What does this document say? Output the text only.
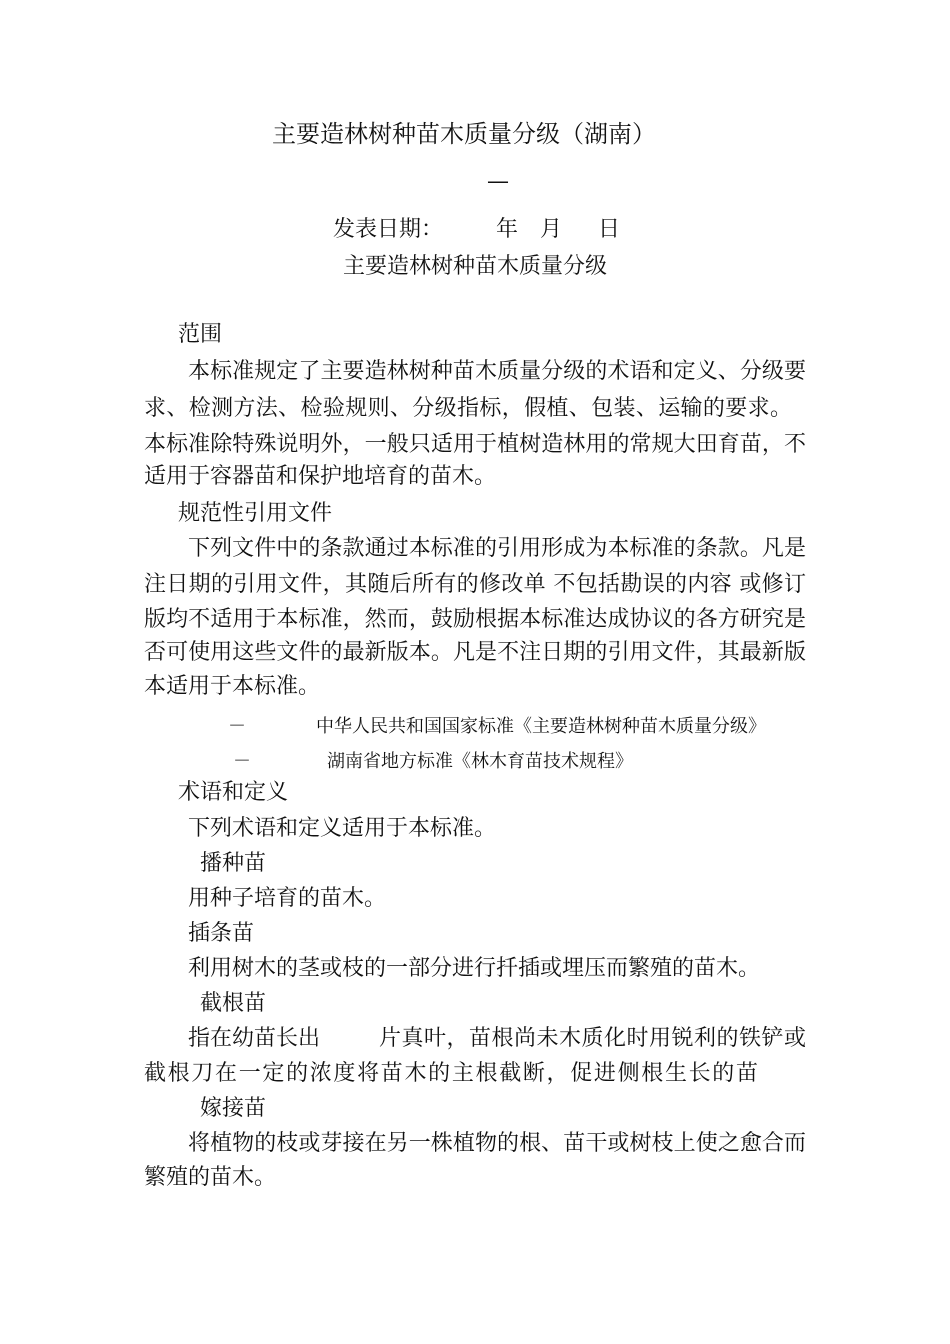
主要造林树种苗木质量分级（湖南）
—
发表日期： 年 月 日
主要造林树种苗木质量分级
范围
本标准规定了主要造林树种苗木质量分级的术语和定义、分级要
求、检测方法、检验规则、分级指标，假植、包装、运输的要求。
本标准除特殊说明外，一般只适用于植树造林用的常规大田育苗，不
适用于容器苗和保护地培育的苗木。
规范性引用文件
下列文件中的条款通过本标准的引用形成为本标准的条款。凡是
注日期的引用文件，其随后所有的修改单 不包括勘误的内容 或修订
版均不适用于本标准，然而，鼓励根据本标准达成协议的各方研究是
否可使用这些文件的最新版本。凡是不注日期的引用文件，其最新版
本适用于本标准。
－	中华人民共和国国家标准《主要造林树种苗木质量分级》
－	湖南省地方标准《林木育苗技术规程》
术语和定义
下列术语和定义适用于本标准。
播种苗
用种子培育的苗木。
插条苗
利用树木的茎或枝的一部分进行扦插或埋压而繁殖的苗木。
截根苗
指在幼苗长出	片真叶，苗根尚未木质化时用锐利的铁铲或
截根刀在一定的浓度将苗木的主根截断，促进侧根生长的苗
嫁接苗
将植物的枝或芽接在另一株植物的根、苗干或树枝上使之愈合而
繁殖的苗木。
